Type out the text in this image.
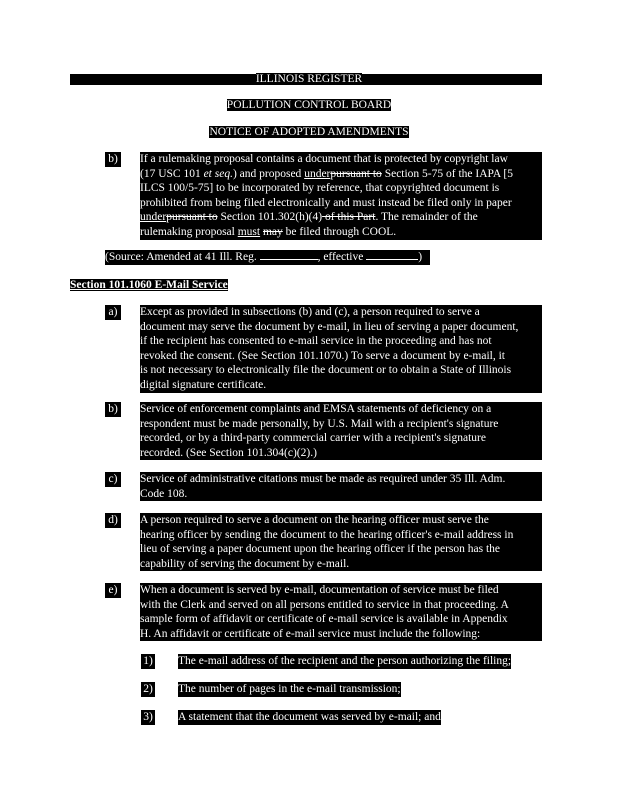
ILLINOIS REGISTER
POLLUTION CONTROL BOARD
NOTICE OF ADOPTED AMENDMENTS
b) If a rulemaking proposal contains a document that is protected by copyright law
(17 USC 101 et seq.) and proposed underpursuant to Section 5-75 of the IAPA [5
ILCS 100/5-75] to be incorporated by reference, that copyrighted document is
prohibited from being filed electronically and must instead be filed only in paper
underpursuant to Section 101.302(h)(4) of this Part. The remainder of the
rulemaking proposal must may be filed through COOL.
(Source: Amended at 41 Ill. Reg.	, effective	)
Section 101.1060 E-Mail Service
a)	Except as provided in subsections (b) and (c), a person required to serve a
document may serve the document by e-mail, in lieu of serving a paper document,
if the recipient has consented to e-mail service in the proceeding and has not
revoked the consent. (See Section 101.1070.) To serve a document by e-mail, it
is not necessary to electronically file the document or to obtain a State of Illinois
digital signature certificate.
b) Service of enforcement complaints and EMSA statements of deficiency on a
respondent must be made personally, by U.S. Mail with a recipient's signature
recorded, or by a third-party commercial carrier with a recipient's signature
recorded. (See Section 101.304(c)(2).)
c)	Service of administrative citations must be made as required under 35 Ill. Adm.
Code 108.
d) A person required to serve a document on the hearing officer must serve the
hearing officer by sending the document to the hearing officer's e-mail address in
lieu of serving a paper document upon the hearing officer if the person has the
capability of serving the document by e-mail.
e)	When a document is served by e-mail, documentation of service must be filed
with the Clerk and served on all persons entitled to service in that proceeding. A
sample form of affidavit or certificate of e-mail service is available in Appendix
H. An affidavit or certificate of e-mail service must include the following:
1) The e-mail address of the recipient and the person authorizing the filing;
2) The number of pages in the e-mail transmission;
3) A statement that the document was served by e-mail; and
